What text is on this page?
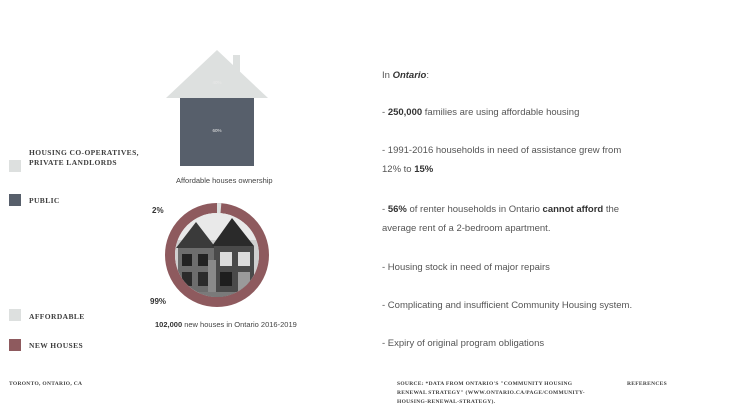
HOUSING CO-OPERATIVES, PRIVATE LANDLORDS
PUBLIC
AFFORDABLE
NEW HOUSES
40%
60%
Affordable houses ownership
2%
99%
102,000 new houses in Ontario 2016-2019
In Ontario:
- 250,000 families are using affordable housing
- 1991-2016 households in need of assistance grew from 12% to 15%
- 56% of renter households in Ontario cannot afford the average rent of a 2-bedroom apartment.
- Housing stock in need of major repairs
- Complicating and insufficient Community Housing system.
- Expiry of original program obligations
TORONTO, ONTARIO, CA	SOURCE: *DATA FROM ONTARIO'S "COMMUNITY HOUSING RENEWAL STRATEGY" (WWW.ONTARIO.CA/PAGE/COMMUNITY-HOUSING-RENEWAL-STRATEGY).
REFERENCES
